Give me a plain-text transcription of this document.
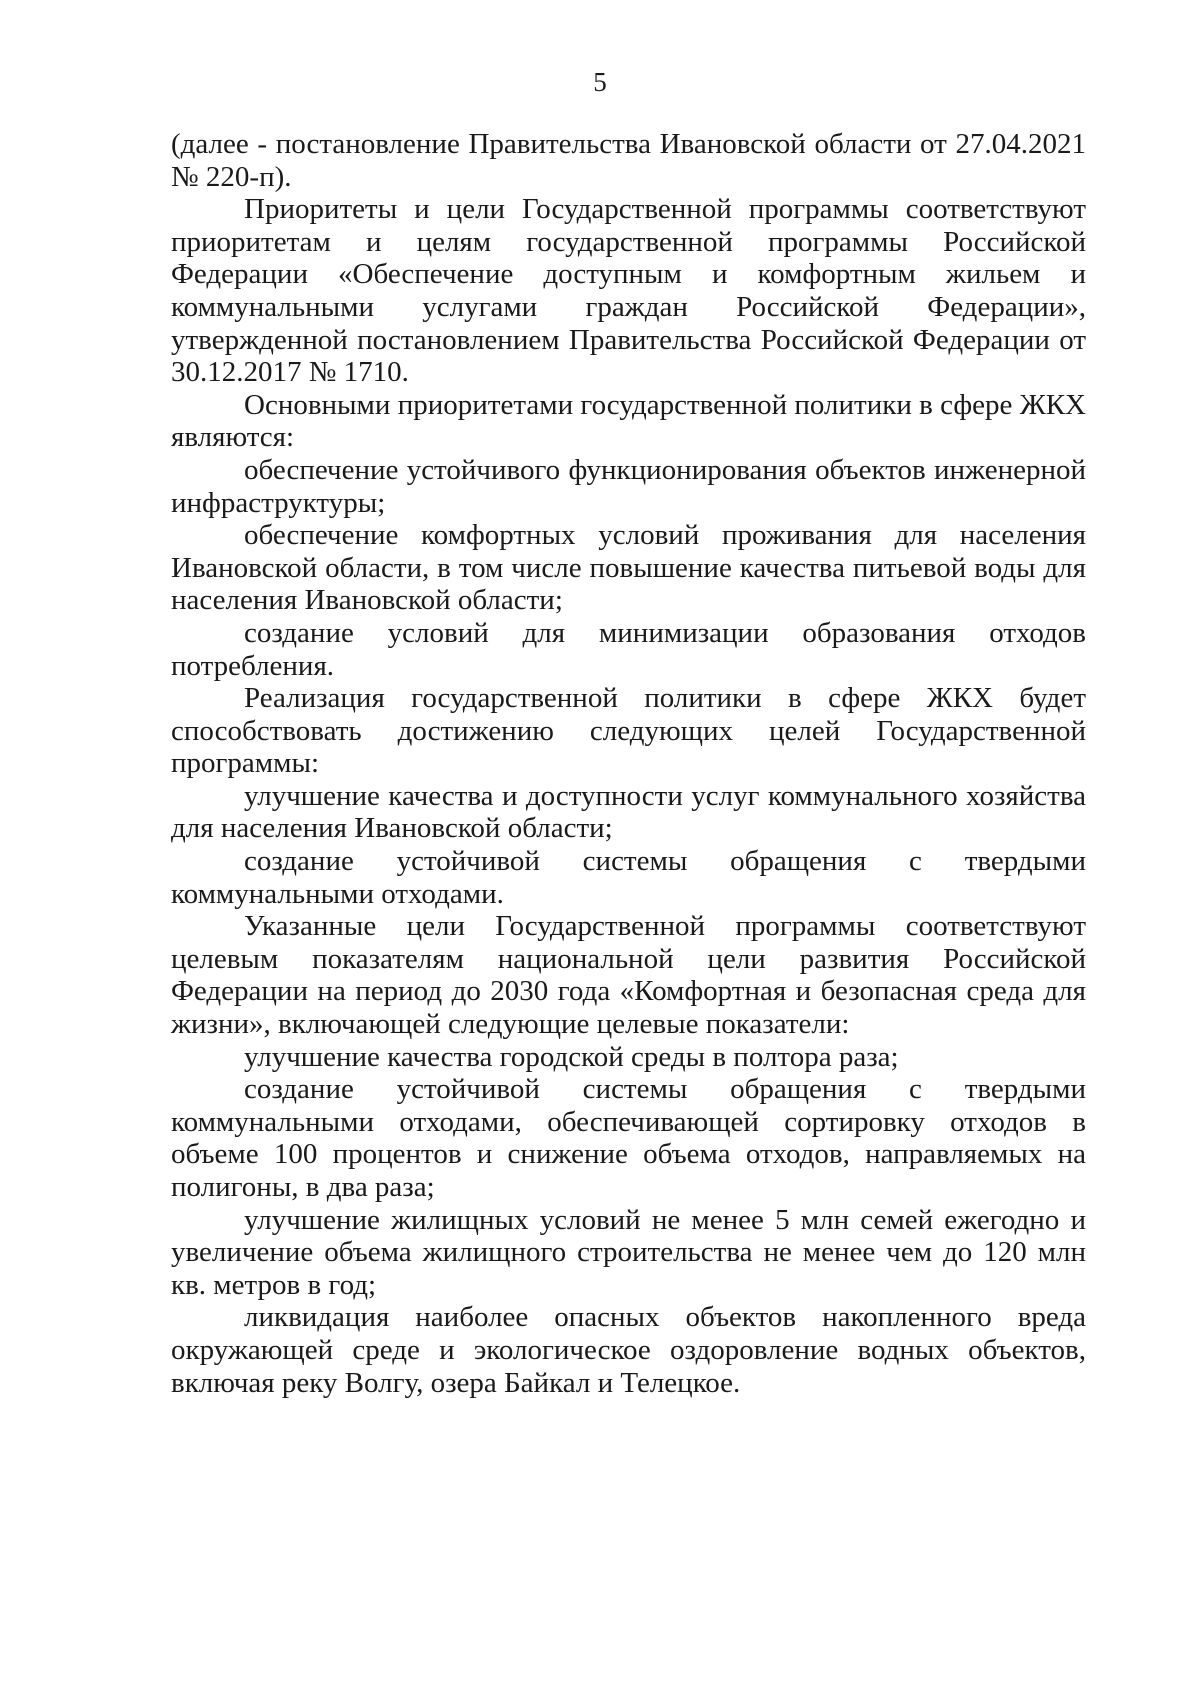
5

(далее - постановление Правительства Ивановской области от 27.04.2021 № 220-п).

Приоритеты и цели Государственной программы соответствуют приоритетам и целям государственной программы Российской Федерации «Обеспечение доступным и комфортным жильем и коммунальными услугами граждан Российской Федерации», утвержденной постановлением Правительства Российской Федерации от 30.12.2017 № 1710.

Основными приоритетами государственной политики в сфере ЖКХ являются:

обеспечение устойчивого функционирования объектов инженерной инфраструктуры;

обеспечение комфортных условий проживания для населения Ивановской области, в том числе повышение качества питьевой воды для населения Ивановской области;

создание условий для минимизации образования отходов потребления.

Реализация государственной политики в сфере ЖКХ будет способствовать достижению следующих целей Государственной программы:

улучшение качества и доступности услуг коммунального хозяйства для населения Ивановской области;

создание устойчивой системы обращения с твердыми коммунальными отходами.

Указанные цели Государственной программы соответствуют целевым показателям национальной цели развития Российской Федерации на период до 2030 года «Комфортная и безопасная среда для жизни», включающей следующие целевые показатели:

улучшение качества городской среды в полтора раза;

создание устойчивой системы обращения с твердыми коммунальными отходами, обеспечивающей сортировку отходов в объеме 100 процентов и снижение объема отходов, направляемых на полигоны, в два раза;

улучшение жилищных условий не менее 5 млн семей ежегодно и увеличение объема жилищного строительства не менее чем до 120 млн кв. метров в год;

ликвидация наиболее опасных объектов накопленного вреда окружающей среде и экологическое оздоровление водных объектов, включая реку Волгу, озера Байкал и Телецкое.
